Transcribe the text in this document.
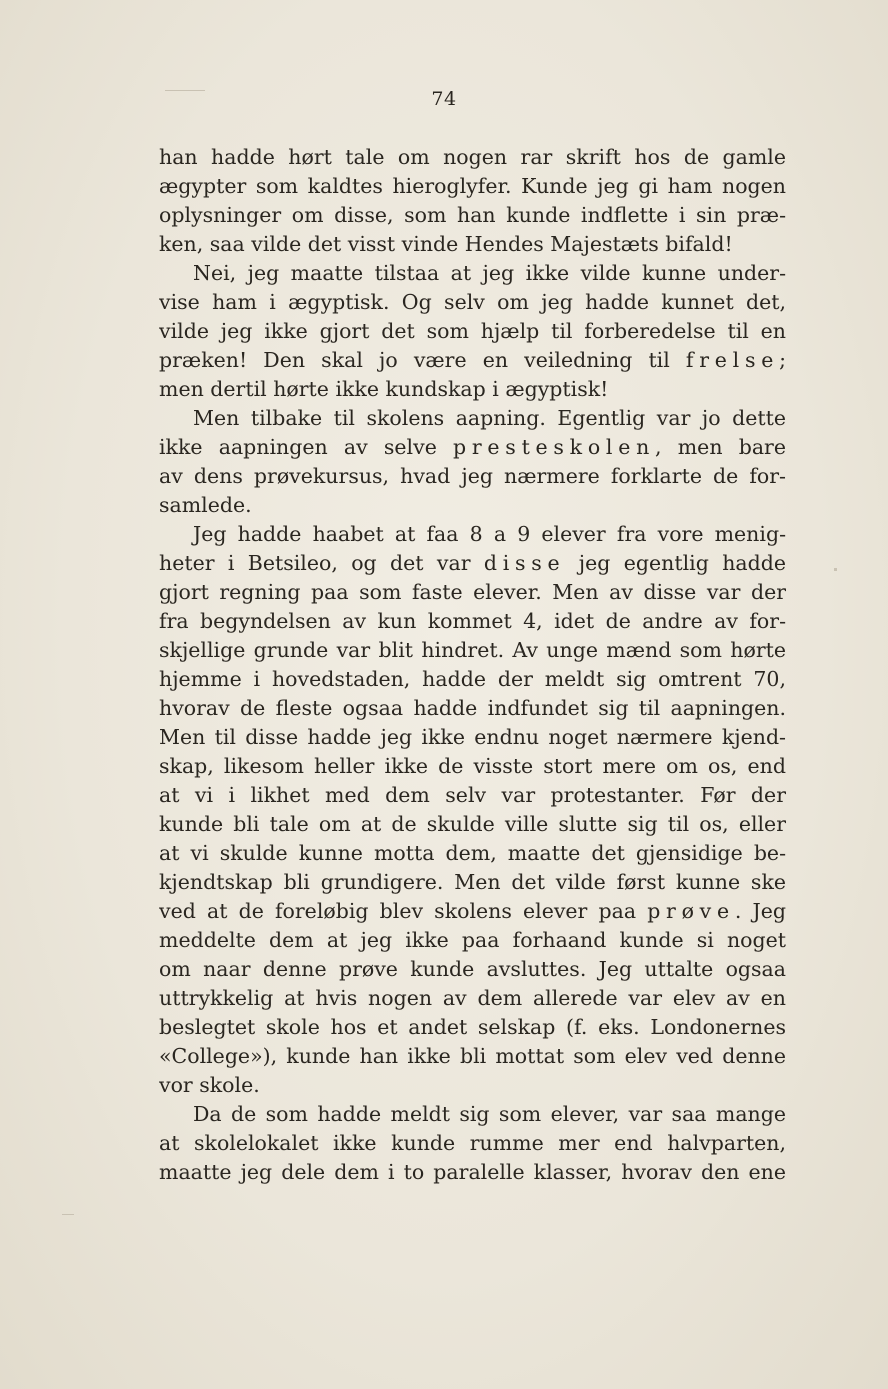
74
han hadde hørt tale om nogen rar skrift hos de gamle
ægypter som kaldtes hieroglyfer. Kunde jeg gi ham nogen
oplysninger om disse, som han kunde indflette i sin præ-
ken, saa vilde det visst vinde Hendes Majestæts bifald!
Nei, jeg maatte tilstaa at jeg ikke vilde kunne under-
vise ham i ægyptisk. Og selv om jeg hadde kunnet det,
vilde jeg ikke gjort det som hjælp til forberedelse til en
præken! Den skal jo være en veiledning til frelse;
men dertil hørte ikke kundskap i ægyptisk!
Men tilbake til skolens aapning. Egentlig var jo dette
ikke aapningen av selve presteskolen, men bare
av dens prøvekursus, hvad jeg nærmere forklarte de for-
samlede.
Jeg hadde haabet at faa 8 a 9 elever fra vore menig-
heter i Betsileo, og det var disse jeg egentlig hadde
gjort regning paa som faste elever. Men av disse var der
fra begyndelsen av kun kommet 4, idet de andre av for-
skjellige grunde var blit hindret. Av unge mænd som hørte
hjemme i hovedstaden, hadde der meldt sig omtrent 70,
hvorav de fleste ogsaa hadde indfundet sig til aapningen.
Men til disse hadde jeg ikke endnu noget nærmere kjend-
skap, likesom heller ikke de visste stort mere om os, end
at vi i likhet med dem selv var protestanter. Før der
kunde bli tale om at de skulde ville slutte sig til os, eller
at vi skulde kunne motta dem, maatte det gjensidige be-
kjendtskap bli grundigere. Men det vilde først kunne ske
ved at de foreløbig blev skolens elever paa prøve. Jeg
meddelte dem at jeg ikke paa forhaand kunde si noget
om naar denne prøve kunde avsluttes. Jeg uttalte ogsaa
uttrykkelig at hvis nogen av dem allerede var elev av en
beslegtet skole hos et andet selskap (f. eks. Londonernes
«College»), kunde han ikke bli mottat som elev ved denne
vor skole.
Da de som hadde meldt sig som elever, var saa mange
at skolelokalet ikke kunde rumme mer end halvparten,
maatte jeg dele dem i to paralelle klasser, hvorav den ene
